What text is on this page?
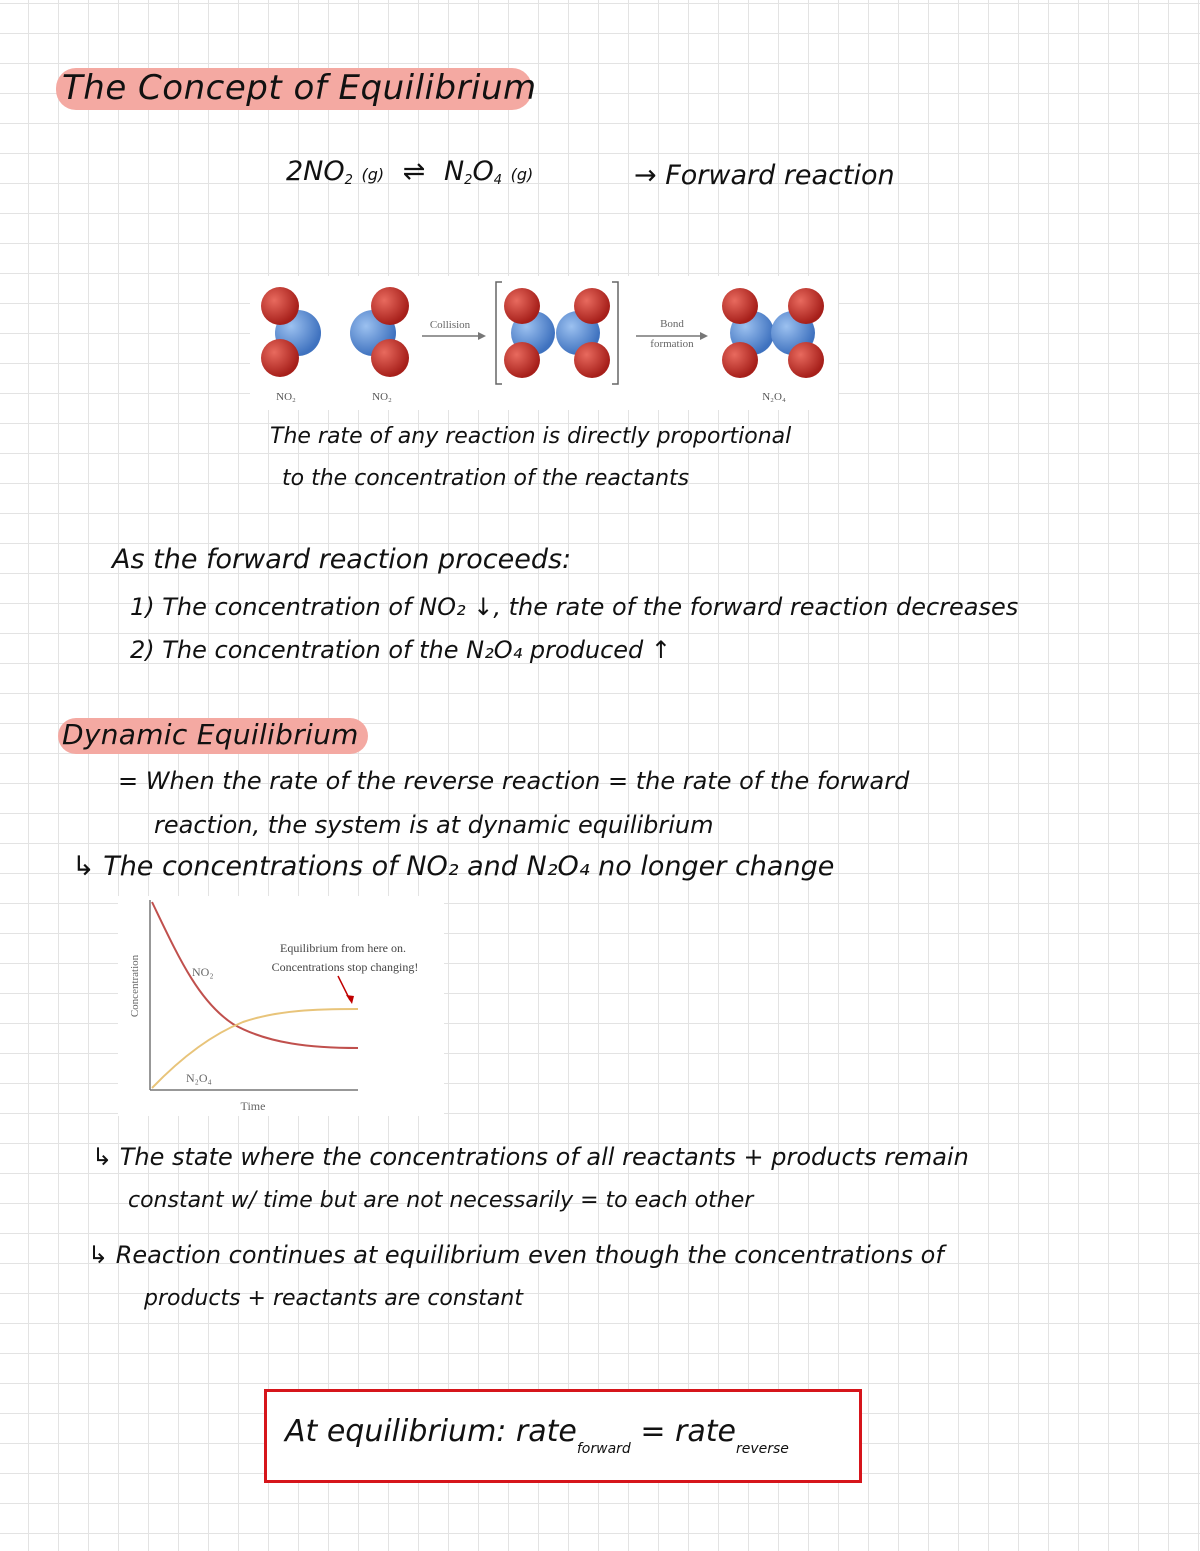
The Concept of Equilibrium
$2NO_2$ (g) ⇌ $N_2O_4$ (g)	→ Forward reaction
Collision	Bond
formation
NO₂	NO₂	N₂O₄
The rate of any reaction is directly proportional
to the concentration of the reactants
As the forward reaction proceeds:
1) The concentration of NO₂ ↓, the rate of the forward reaction decreases
2) The concentration of the N₂O₄ produced ↑
Dynamic Equilibrium
= When the rate of the reverse reaction = the rate of the forward
reaction, the system is at dynamic equilibrium
↳ The concentrations of NO₂ and N₂O₄ no longer change
Equilibrium from here on.
Concentrations stop changing!
NO₂
N₂O₄
Time
Concentration
↳ The state where the concentrations of all reactants + products remain
constant w/ time but are not necessarily = to each other
↳ Reaction continues at equilibrium even though the concentrations of
products + reactants are constant
At equilibrium: rate$_{forward}$ = rate$_{reverse}$
